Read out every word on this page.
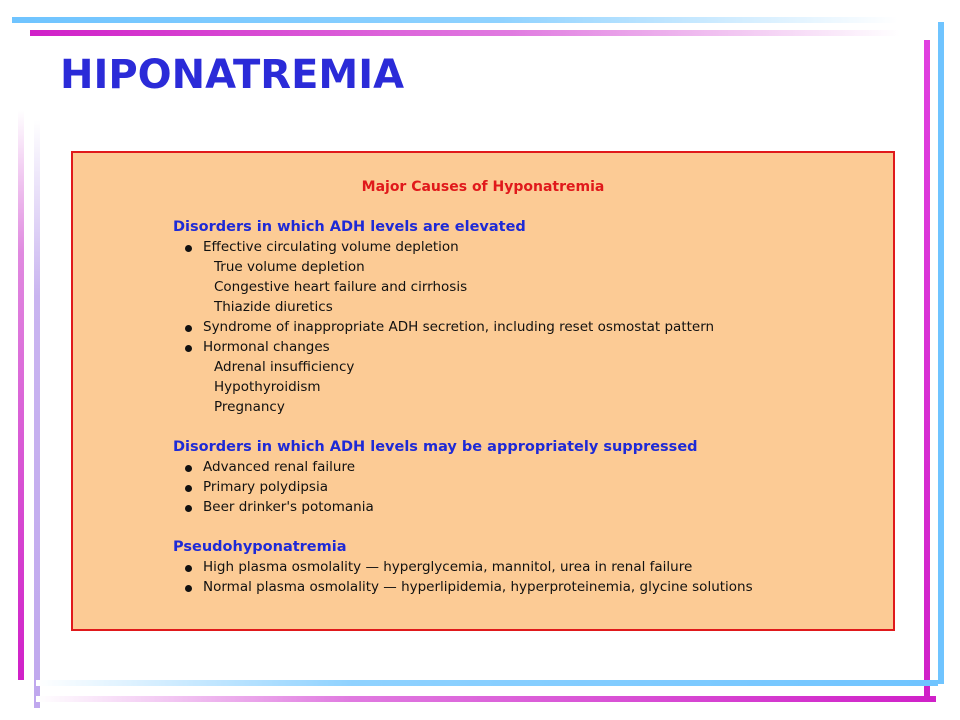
HIPONATREMIA
Major Causes of Hyponatremia
Disorders in which ADH levels are elevated
Effective circulating volume depletion
True volume depletion
Congestive heart failure and cirrhosis
Thiazide diuretics
Syndrome of inappropriate ADH secretion, including reset osmostat pattern
Hormonal changes
Adrenal insufficiency
Hypothyroidism
Pregnancy
Disorders in which ADH levels may be appropriately suppressed
Advanced renal failure
Primary polydipsia
Beer drinker's potomania
Pseudohyponatremia
High plasma osmolality — hyperglycemia, mannitol, urea in renal failure
Normal plasma osmolality — hyperlipidemia, hyperproteinemia, glycine solutions
